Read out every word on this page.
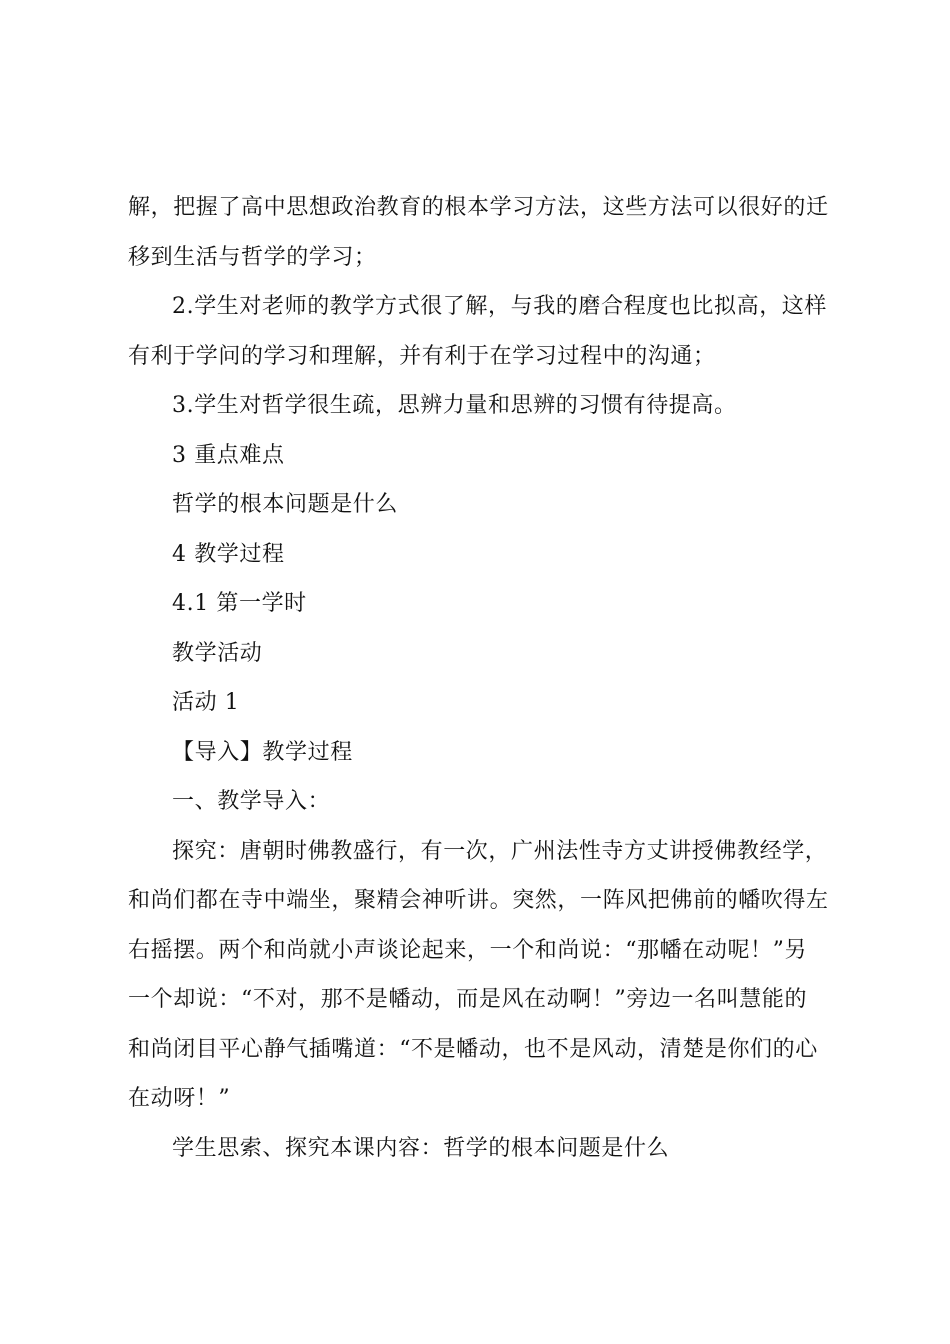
解，把握了高中思想政治教育的根本学习方法，这些方法可以很好的迁
移到生活与哲学的学习；

2.学生对老师的教学方式很了解，与我的磨合程度也比拟高，这样
有利于学问的学习和理解，并有利于在学习过程中的沟通；

3.学生对哲学很生疏，思辨力量和思辨的习惯有待提高。

3 重点难点

哲学的根本问题是什么

4 教学过程

4.1 第一学时

教学活动

活动 1

【导入】教学过程

一、教学导入：

探究：唐朝时佛教盛行，有一次，广州法性寺方丈讲授佛教经学，
和尚们都在寺中端坐，聚精会神听讲。突然，一阵风把佛前的幡吹得左
右摇摆。两个和尚就小声谈论起来，一个和尚说：“那幡在动呢！”另
一个却说：“不对，那不是幡动，而是风在动啊！”旁边一名叫慧能的
和尚闭目平心静气插嘴道：“不是幡动，也不是风动，清楚是你们的心
在动呀！”

学生思索、探究本课内容：哲学的根本问题是什么
